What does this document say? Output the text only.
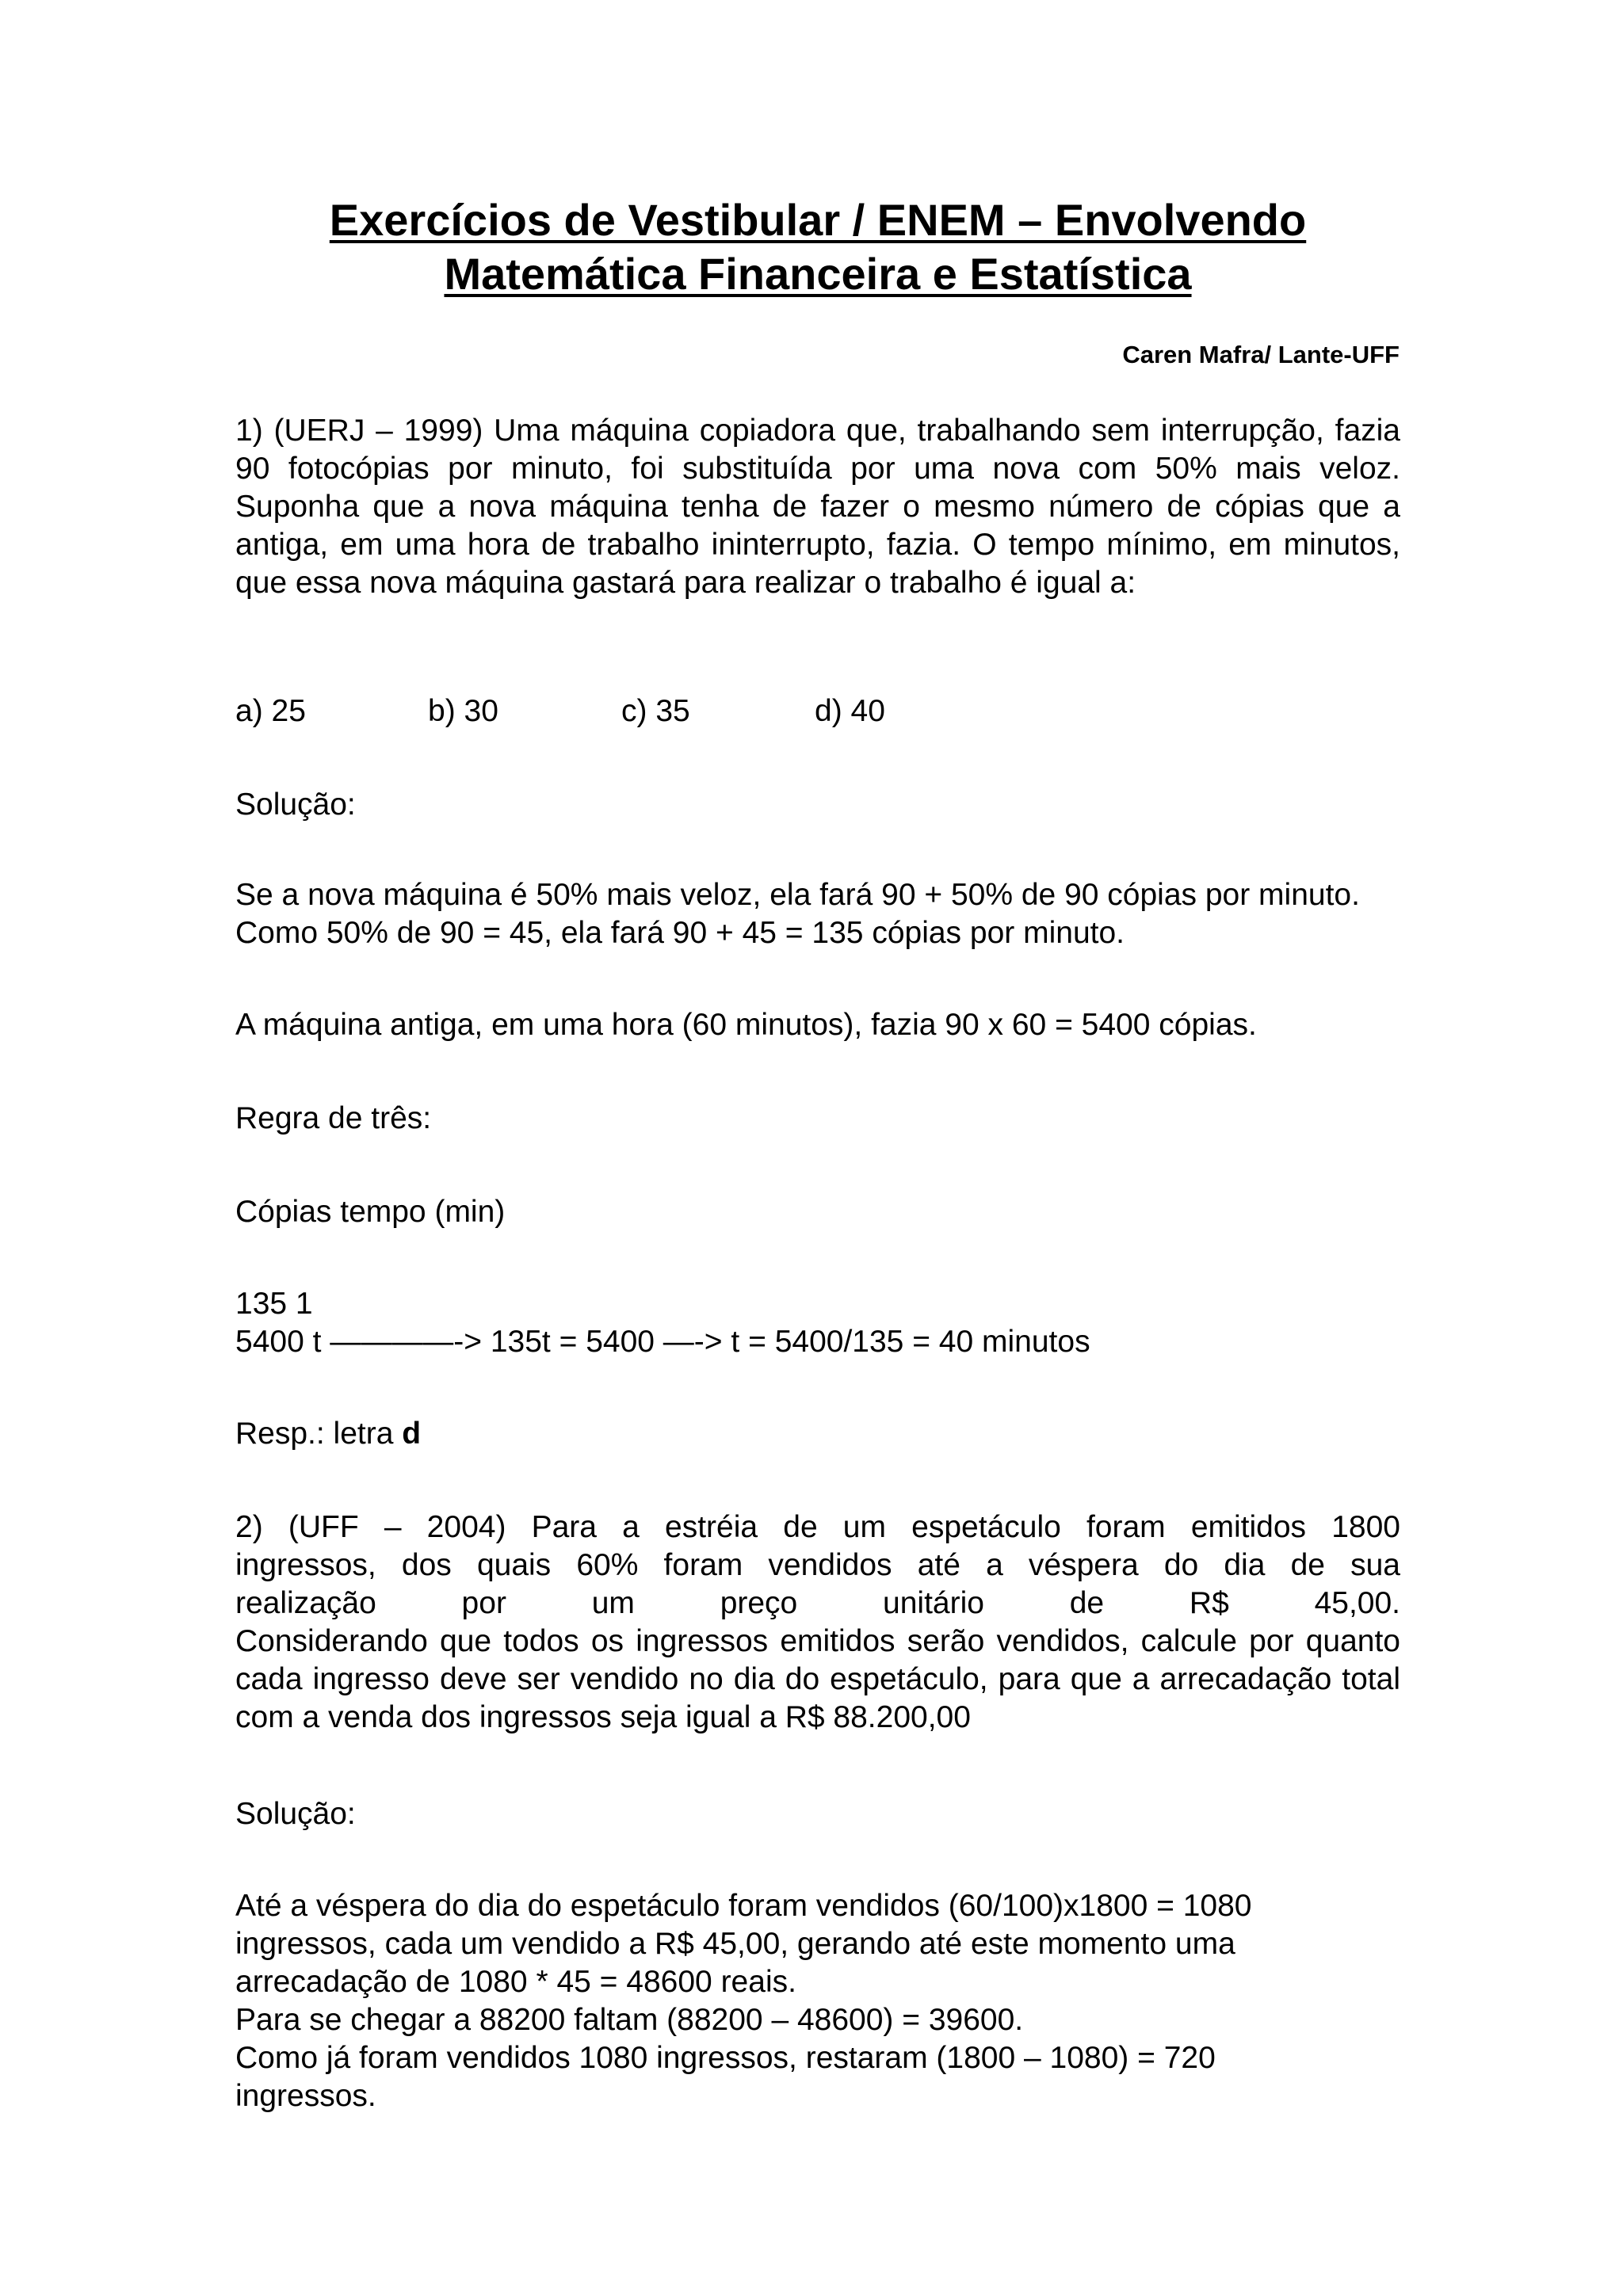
Exercícios de Vestibular / ENEM – Envolvendo
Matemática Financeira e Estatística
Caren Mafra/ Lante-UFF
1) (UERJ – 1999) Uma máquina copiadora que, trabalhando sem interrupção, fazia 90 fotocópias por minuto, foi substituída por uma nova com 50% mais veloz. Suponha que a nova máquina tenha de fazer o mesmo número de cópias que a antiga, em uma hora de trabalho ininterrupto, fazia. O tempo mínimo, em minutos, que essa nova máquina gastará para realizar o trabalho é igual a:
a) 25	b) 30	c) 35	d) 40
Solução:
Se a nova máquina é 50% mais veloz, ela fará 90 + 50% de 90 cópias por minuto. Como 50% de 90 = 45, ela fará 90 + 45 = 135 cópias por minuto.
A máquina antiga, em uma hora (60 minutos), fazia 90 x 60 = 5400 cópias.
Regra de três:
Cópias tempo (min)
135 1
5400 t ————-> 135t = 5400 —-> t = 5400/135 = 40 minutos
Resp.: letra d
2) (UFF – 2004) Para a estréia de um espetáculo foram emitidos 1800
ingressos, dos quais 60% foram vendidos até a véspera do dia de sua
realização por um preço unitário de R$ 45,00.
Considerando que todos os ingressos emitidos serão vendidos, calcule por quanto cada ingresso deve ser vendido no dia do espetáculo, para que a arrecadação total com a venda dos ingressos seja igual a R$ 88.200,00
Solução:
Até a véspera do dia do espetáculo foram vendidos (60/100)x1800 = 1080
ingressos, cada um vendido a R$ 45,00, gerando até este momento uma
arrecadação de 1080 * 45 = 48600 reais.
Para se chegar a 88200 faltam (88200 – 48600) = 39600.
Como já foram vendidos 1080 ingressos, restaram (1800 – 1080) = 720
ingressos.
